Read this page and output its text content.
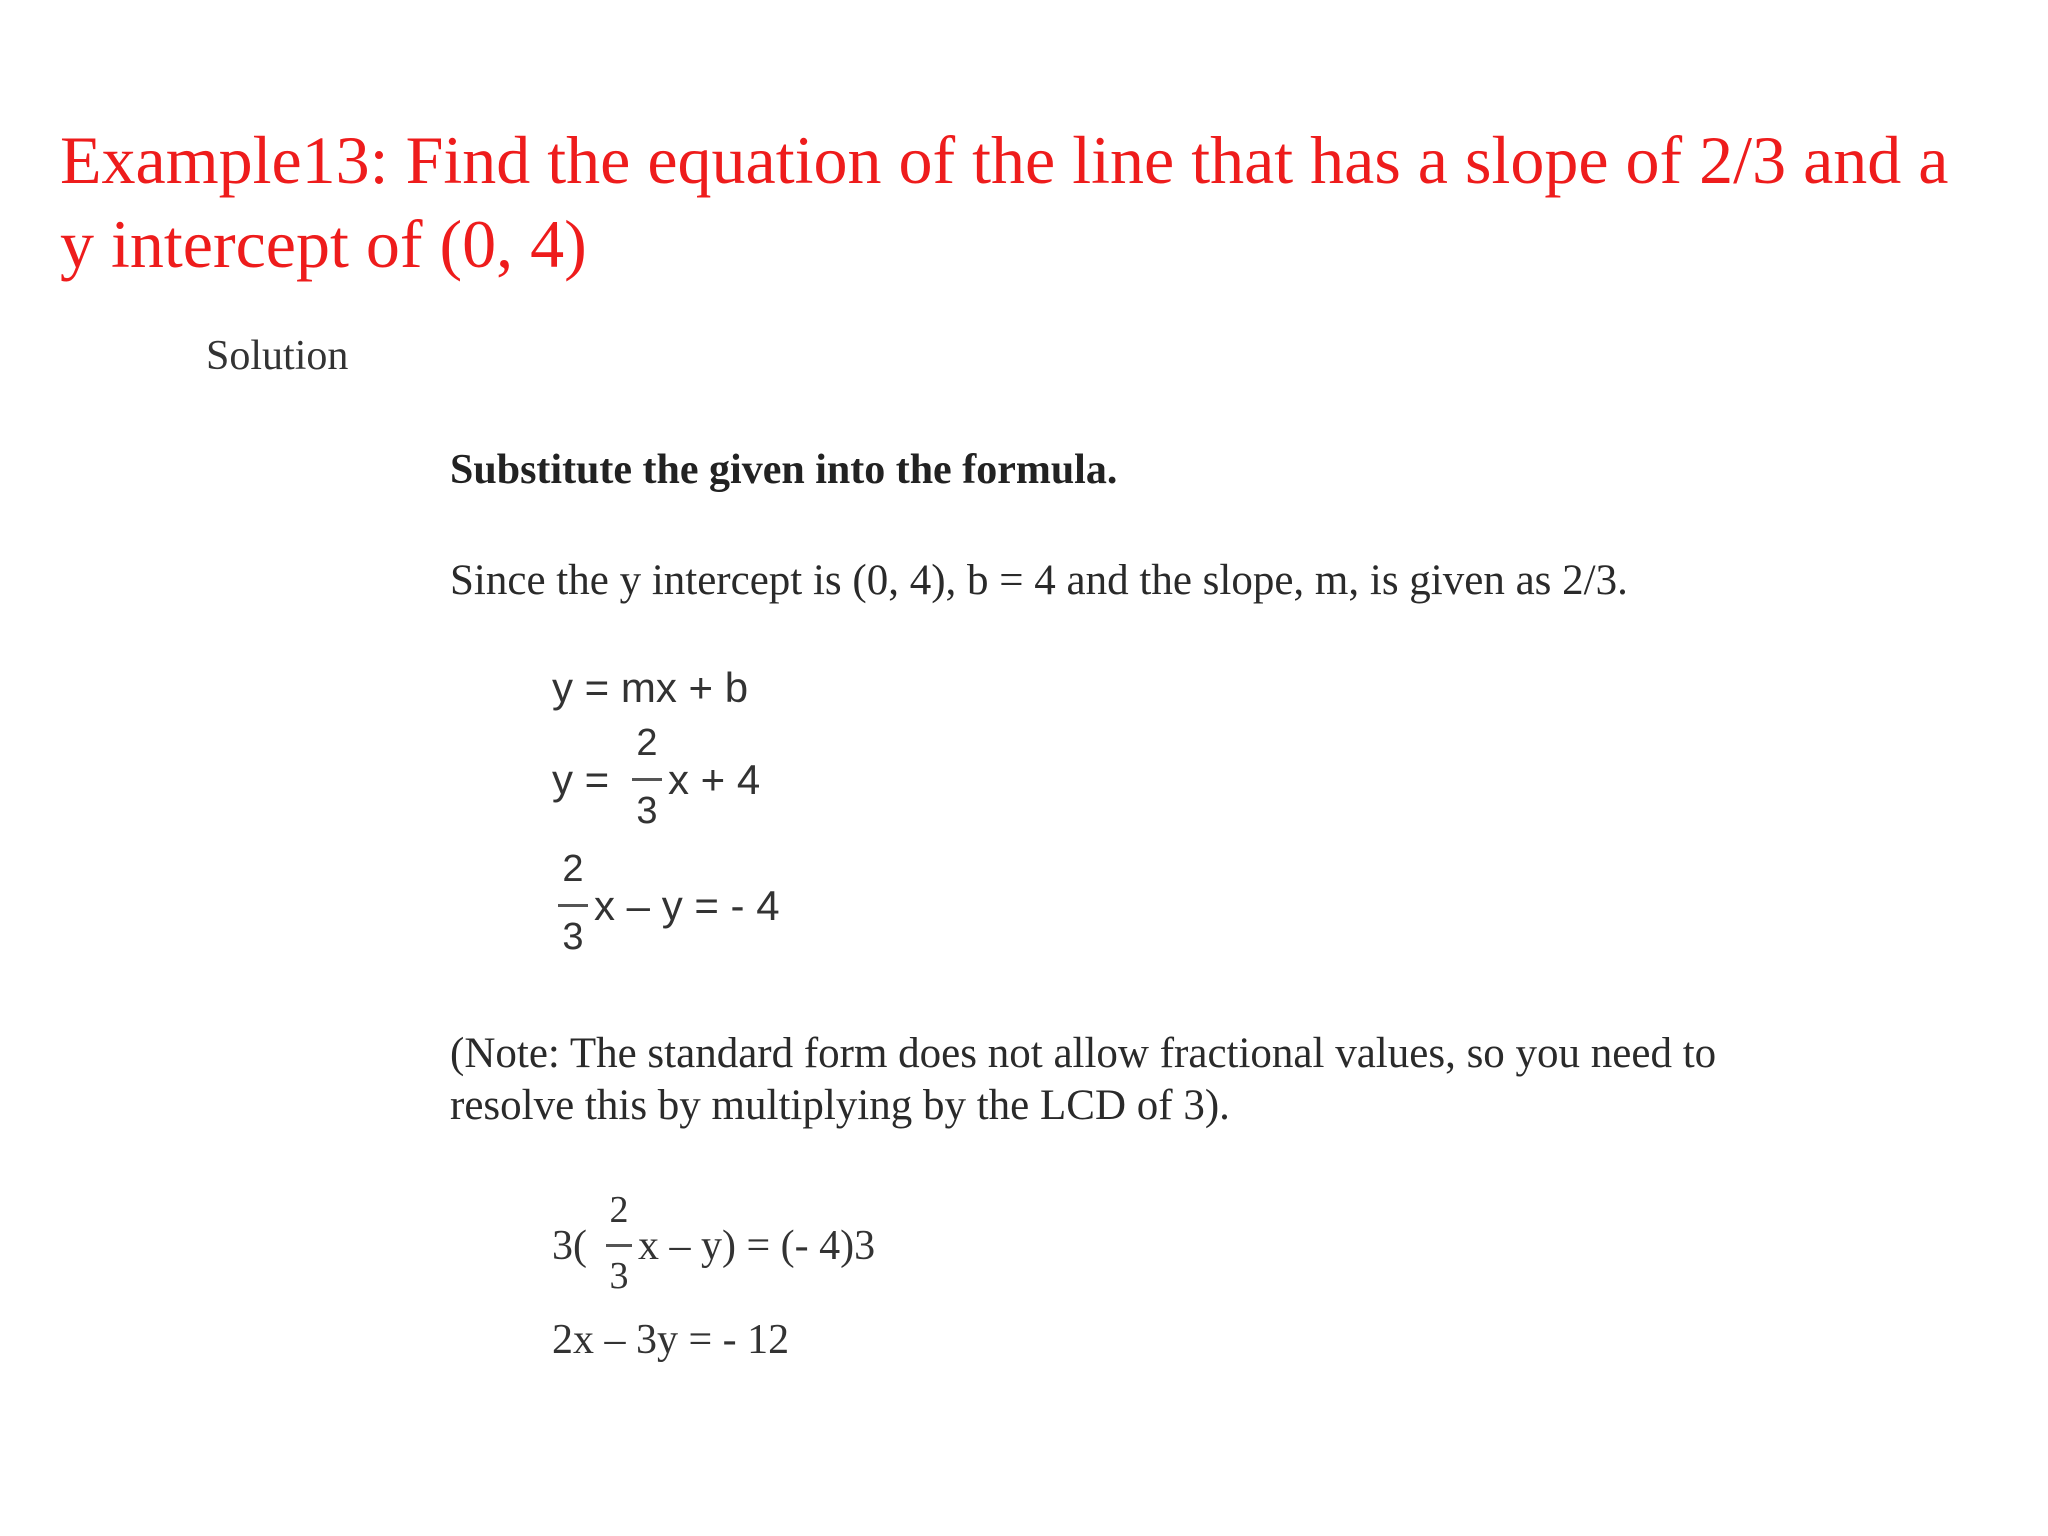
Example13: Find the equation of the line that has a slope of 2/3 and a
y intercept of (0, 4)
Solution
Substitute the given into the formula.
Since the y intercept is (0, 4), b = 4 and the slope, m, is given as 2/3.
y = mx + b
y =
2
3
x + 4
2
3
x – y = - 4
(Note: The standard form does not allow fractional values, so you need to
resolve this by multiplying by the LCD of 3).
3(
2
3
x – y) = (- 4)3
2x – 3y = - 12
